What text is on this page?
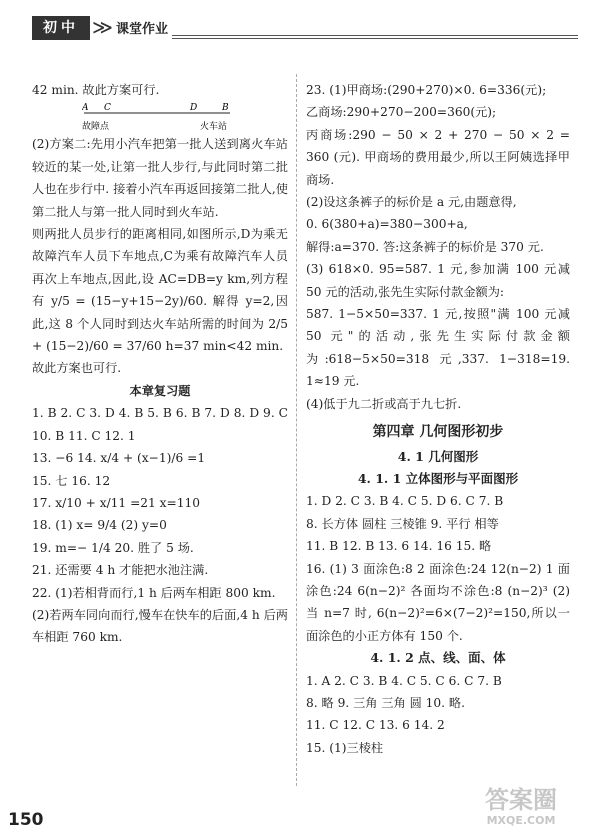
初中 ≫ 课堂作业

42 min. 故此方案可行.

A C	D	B
故障点	火车站

(2)方案二:先用小汽车把第一批人送到离火车站较近的某一处,让第一批人步行,与此同时第二批人也在步行中. 接着小汽车再返回接第二批人,使第二批人与第一批人同时到火车站.

则两批人员步行的距离相同,如图所示,D为乘无故障汽车人员下车地点,C为乘有故障汽车人员再次上车地点,因此,设 AC=DB=y km,列方程有 y/5 = (15−y+15−2y)/60. 解得 y=2,因此,这 8 个人同时到达火车站所需的时间为 2/5 + (15−2)/60 = 37/60 h=37 min<42 min.

故此方案也可行.

本章复习题

1. B 2. C 3. D 4. B 5. B 6. B 7. D 8. D 9. C 10. B 11. C 12. 1

13. −6 14. x/4 + (x−1)/6 =1

15. 七 16. 12

17. x/10 + x/11 =21 x=110

18. (1) x= 9/4 (2) y=0

19. m=− 1/4 20. 胜了 5 场.

21. 还需要 4 h 才能把水池注满.

22. (1)若相背而行,1 h 后两车相距 800 km.

(2)若两车同向而行,慢车在快车的后面,4 h 后两车相距 760 km.

23. (1)甲商场:(290+270)×0. 6=336(元);

乙商场:290+270−200=360(元);

丙商场:290 − 50 × 2 + 270 − 50 × 2 = 360 (元). 甲商场的费用最少,所以王阿姨选择甲商场.

(2)设这条裤子的标价是 a 元,由题意得,

0. 6(380+a)=380−300+a,

解得:a=370. 答:这条裤子的标价是 370 元.

(3) 618×0. 95=587. 1 元,参加满 100 元减 50 元的活动,张先生实际付款金额为:

587. 1−5×50=337. 1 元,按照"满 100 元减 50 元"的活动,张先生实际付款金额为:618−5×50=318 元,337. 1−318=19. 1≈19 元.

(4)低于九二折或高于九七折.

第四章 几何图形初步

4. 1 几何图形

4. 1. 1 立体图形与平面图形

1. D 2. C 3. B 4. C 5. D 6. C 7. B

8. 长方体 圆柱 三棱锥 9. 平行 相等

11. B 12. B 13. 6 14. 16 15. 略

16. (1) 3 面涂色:8 2 面涂色:24 12(n−2) 1 面涂色:24 6(n−2)² 各面均不涂色:8 (n−2)³ (2) 当 n=7 时, 6(n−2)²=6×(7−2)²=150,所以一面涂色的小正方体有 150 个.

4. 1. 2 点、线、面、体

1. A 2. C 3. B 4. C 5. C 6. C 7. B

8. 略 9. 三角 三角 圆 10. 略.

11. C 12. C 13. 6 14. 2

15. (1)三棱柱

150
答案圈
MXQE.COM
